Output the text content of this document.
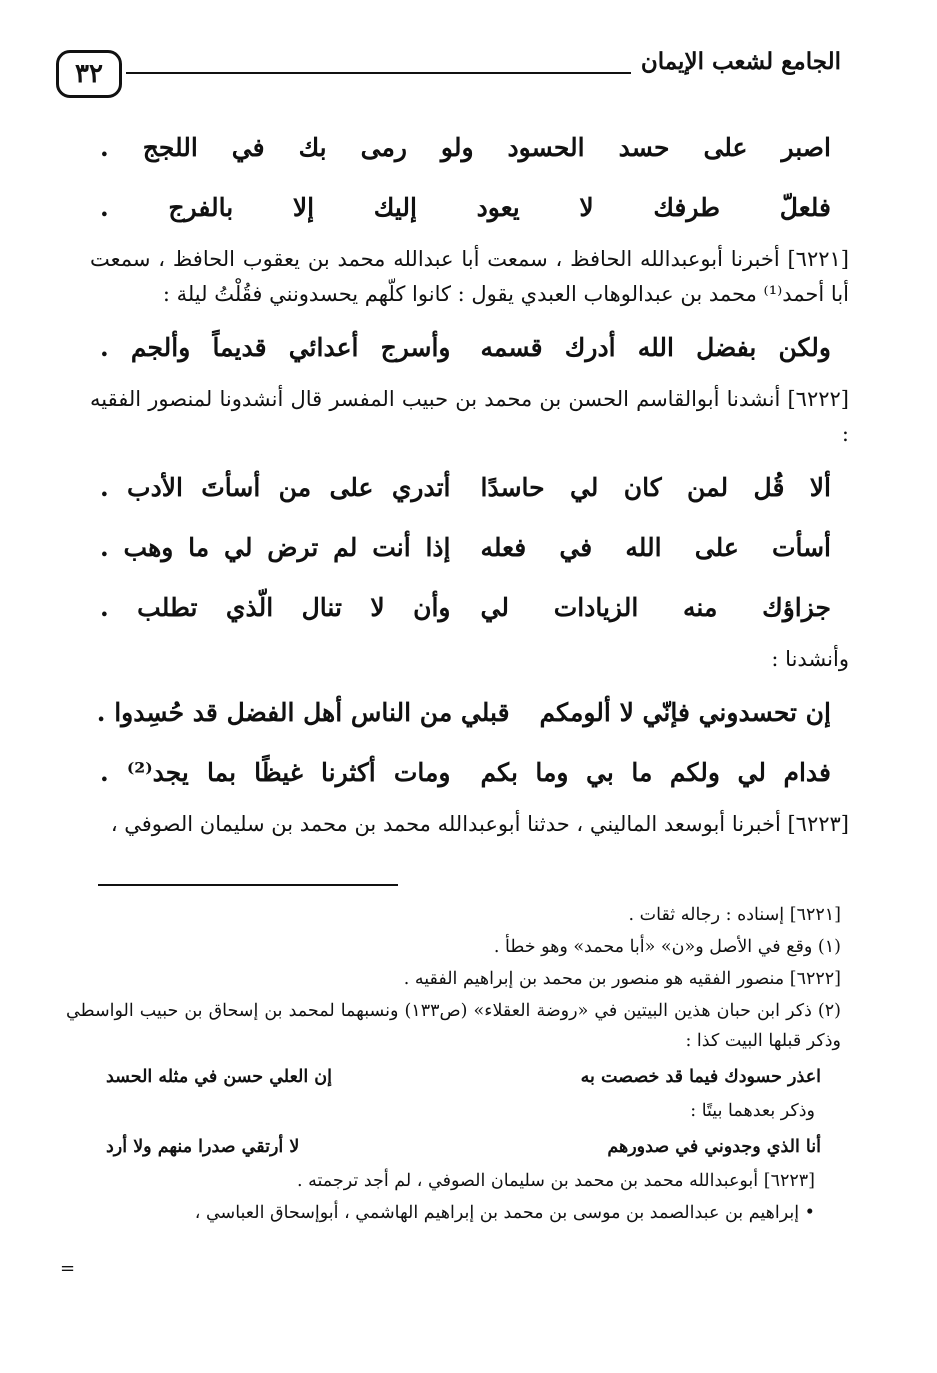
الجامع لشعب الإيمان
٣٢
اصبر على حسد الحسود ولو رمى بك في اللجج .
فلعلّ طرفك لا يعود إليك إلا بالفرج .

[٦٢٢١] أخبرنا أبوعبدالله الحافظ ، سمعت أبا عبدالله محمد بن يعقوب الحافظ ، سمعت أبا أحمد⁽¹⁾ محمد بن عبدالوهاب العبدي يقول : كانوا كلّهم يحسدونني فقُلْتُ ليلة :

ولكن بفضل الله أدرك قسمه
وأسرج أعدائي قديماً وألجم .

[٦٢٢٢] أنشدنا أبوالقاسم الحسن بن محمد بن حبيب المفسر قال أنشدونا لمنصور الفقيه :

ألا قُل لمن كان لي حاسدًا
أتدري على من أسأتَ الأدب .
أسأت على الله في فعله
إذا أنت لم ترض لي ما وهب .
جزاؤك منه الزيادات لي
وأن لا تنال الّذي تطلب .

وأنشدنا :

إن تحسدوني فإنّي لا ألومكم
قبلي من الناس أهل الفضل قد حُسِدوا .
فدام لي ولكم ما بي وما بكم
ومات أكثرنا غيظًا بما يجد⁽²⁾ .

[٦٢٢٣] أخبرنا أبوسعد الماليني ، حدثنا أبوعبدالله محمد بن محمد بن سليمان الصوفي ،

[٦٢٢١] إسناده : رجاله ثقات .

(١) وقع في الأصل و«ن» «أبا محمد» وهو خطأ .

[٦٢٢٢] منصور الفقيه هو منصور بن محمد بن إبراهيم الفقيه .

(٢) ذكر ابن حبان هذين البيتين في «روضة العقلاء» (ص١٣٣) ونسبهما لمحمد بن إسحاق بن حبيب الواسطي وذكر قبلها البيت كذا :

اعذر حسودك فيما قد خصصت به
إن العلي حسن في مثله الحسد

وذكر بعدهما بيتًا :

أنا الذي وجدوني في صدورهم
لا أرتقي صدرا منهم ولا أرد

[٦٢٢٣] أبوعبدالله محمد بن محمد بن سليمان الصوفي ، لم أجد ترجمته .

• إبراهيم بن عبدالصمد بن موسى بن محمد بن إبراهيم الهاشمي ، أبوإسحاق العباسي ،

=
